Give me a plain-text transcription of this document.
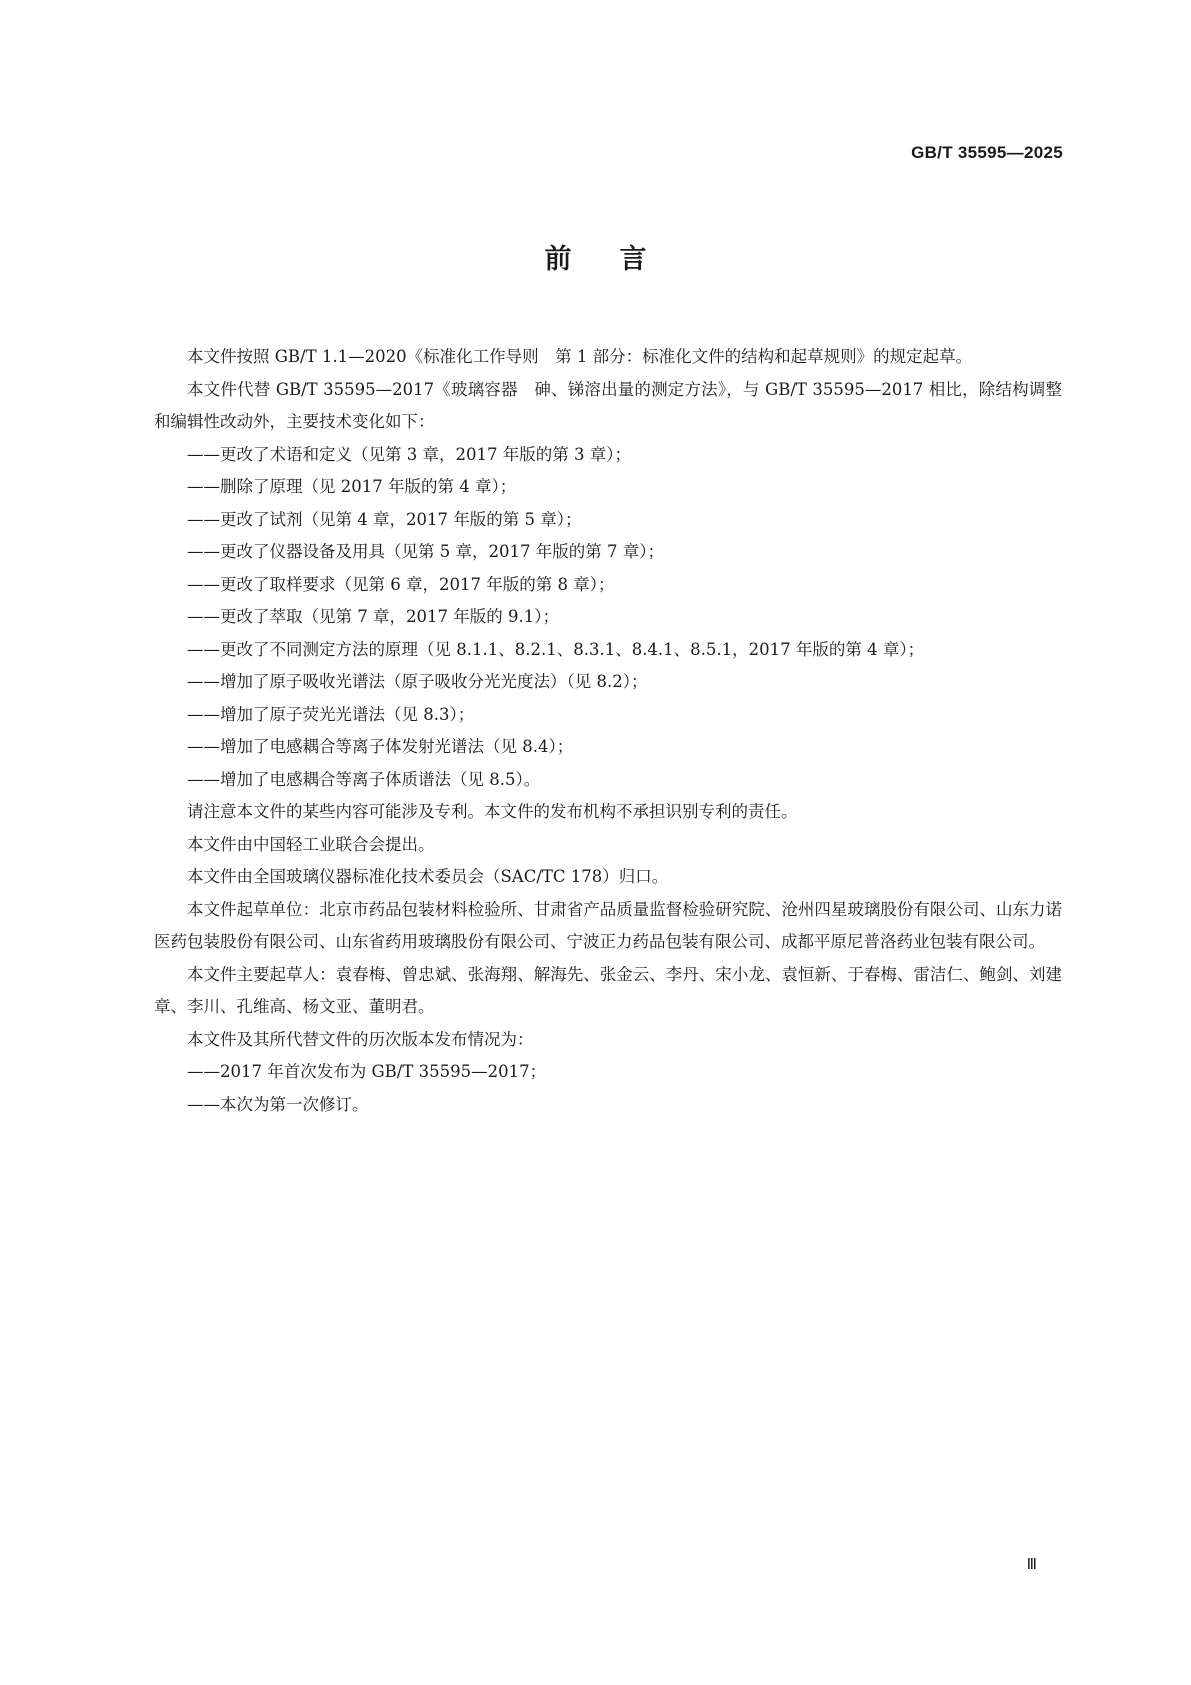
GB/T 35595—2025
前言

本文件按照 GB/T 1.1—2020《标准化工作导则　第 1 部分：标准化文件的结构和起草规则》的规定起草。

本文件代替 GB/T 35595—2017《玻璃容器　砷、锑溶出量的测定方法》，与 GB/T 35595—2017 相比，除结构调整和编辑性改动外，主要技术变化如下：

——更改了术语和定义（见第 3 章，2017 年版的第 3 章）；

——删除了原理（见 2017 年版的第 4 章）；

——更改了试剂（见第 4 章，2017 年版的第 5 章）；

——更改了仪器设备及用具（见第 5 章，2017 年版的第 7 章）；

——更改了取样要求（见第 6 章，2017 年版的第 8 章）；

——更改了萃取（见第 7 章，2017 年版的 9.1）；

——更改了不同测定方法的原理（见 8.1.1、8.2.1、8.3.1、8.4.1、8.5.1，2017 年版的第 4 章）；

——增加了原子吸收光谱法（原子吸收分光光度法）（见 8.2）；

——增加了原子荧光光谱法（见 8.3）；

——增加了电感耦合等离子体发射光谱法（见 8.4）；

——增加了电感耦合等离子体质谱法（见 8.5）。

请注意本文件的某些内容可能涉及专利。本文件的发布机构不承担识别专利的责任。

本文件由中国轻工业联合会提出。

本文件由全国玻璃仪器标准化技术委员会（SAC/TC 178）归口。

本文件起草单位：北京市药品包装材料检验所、甘肃省产品质量监督检验研究院、沧州四星玻璃股份有限公司、山东力诺医药包装股份有限公司、山东省药用玻璃股份有限公司、宁波正力药品包装有限公司、成都平原尼普洛药业包装有限公司。

本文件主要起草人：袁春梅、曾忠斌、张海翔、解海先、张金云、李丹、宋小龙、袁恒新、于春梅、雷洁仁、鲍剑、刘建章、李川、孔维高、杨文亚、董明君。

本文件及其所代替文件的历次版本发布情况为：

——2017 年首次发布为 GB/T 35595—2017；

——本次为第一次修订。

Ⅲ
